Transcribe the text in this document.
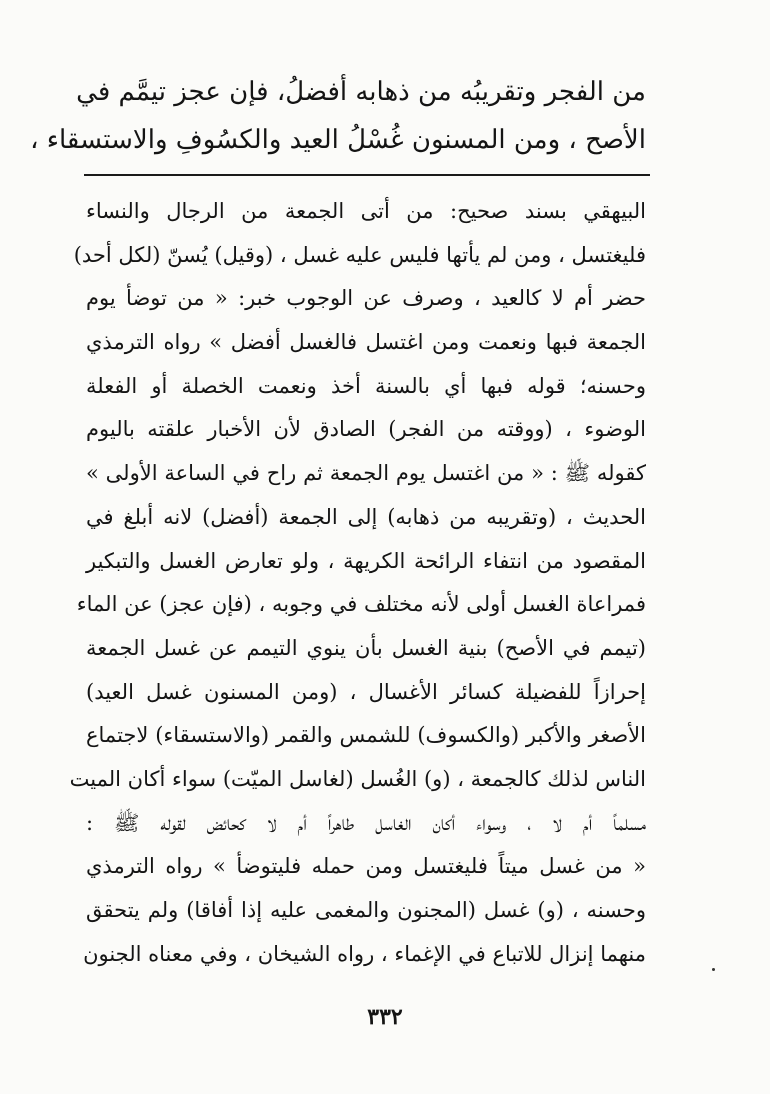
من الفجر وتقريبُه من ذهابه أفضلُ، فإن عجز تيمَّم في
الأصح ، ومن المسنون غُسْلُ العيد والكسُوفِ والاستسقاء ،
البيهقي بسند صحيح: من أتى الجمعة من الرجال والنساء
فليغتسل ، ومن لم يأتها فليس عليه غسل ، (وقيل) يُسنّ (لكل أحد)
حضر أم لا كالعيد ، وصرف عن الوجوب خبر: « من توضأ يوم
الجمعة فبها ونعمت ومن اغتسل فالغسل أفضل » رواه الترمذي
وحسنه؛ قوله فبها أي بالسنة أخذ ونعمت الخصلة أو الفعلة
الوضوء ، (ووقته من الفجر) الصادق لأن الأخبار علقته باليوم
كقوله ﷺ : « من اغتسل يوم الجمعة ثم راح في الساعة الأولى »
الحديث ، (وتقريبه من ذهابه) إلى الجمعة (أفضل) لانه أبلغ في
المقصود من انتفاء الرائحة الكريهة ، ولو تعارض الغسل والتبكير
فمراعاة الغسل أولى لأنه مختلف في وجوبه ، (فإن عجز) عن الماء
(تيمم في الأصح) بنية الغسل بأن ينوي التيمم عن غسل الجمعة
إحرازاً للفضيلة كسائر الأغسال ، (ومن المسنون غسل العيد)
الأصغر والأكبر (والكسوف) للشمس والقمر (والاستسقاء) لاجتماع
الناس لذلك كالجمعة ، (و) الغُسل (لغاسل الميّت) سواء أكان الميت
مسلماً أم لا ، وسواء أكان الغاسل طاهراً أم لا كحائض لقوله ﷺ :
« من غسل ميتاً فليغتسل ومن حمله فليتوضأ » رواه الترمذي
وحسنه ، (و) غسل (المجنون والمغمى عليه إذا أفاقا) ولم يتحقق
منهما إنزال للاتباع في الإغماء ، رواه الشيخان ، وفي معناه الجنون
٣٣٢
